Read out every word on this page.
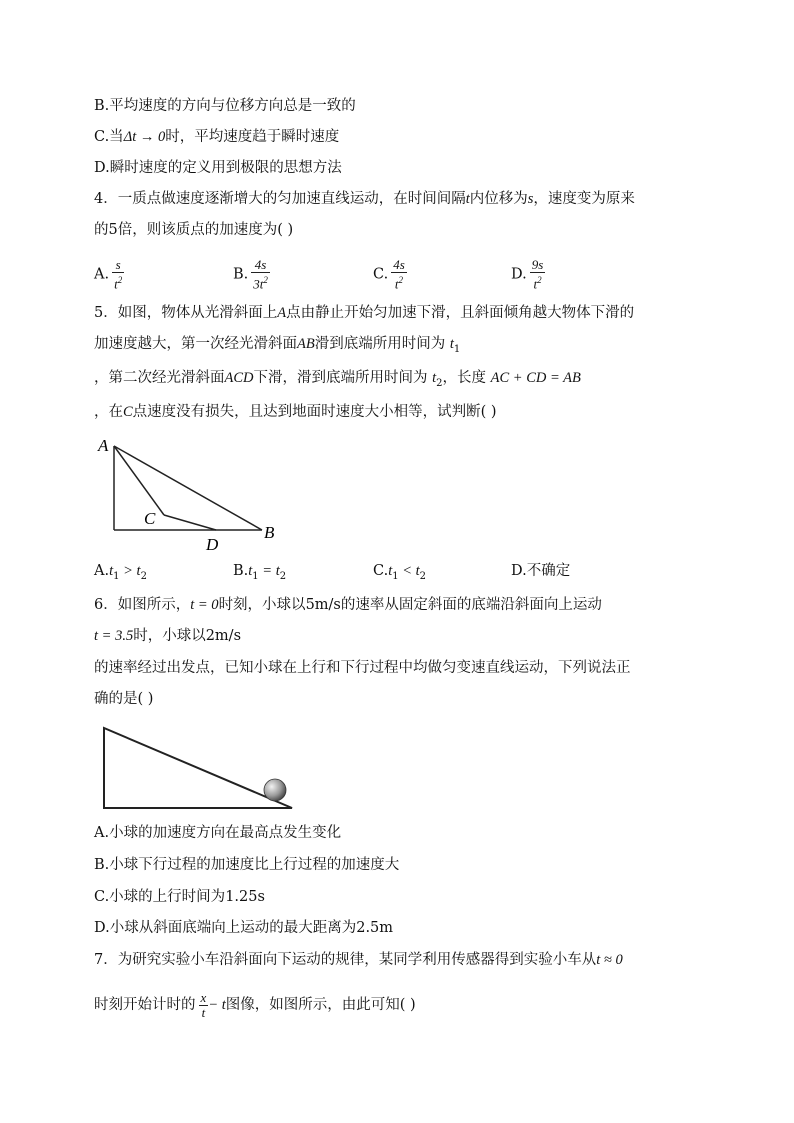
B.平均速度的方向与位移方向总是一致的
C.当Δt → 0时，平均速度趋于瞬时速度
D.瞬时速度的定义用到极限的思想方法
4．一质点做速度逐渐增大的匀加速直线运动，在时间间隔t内位移为s，速度变为原来
的5倍，则该质点的加速度为( )
A. $\frac{s}{t^2}$	B. $\frac{4s}{3t^2}$	C. $\frac{4s}{t^2}$	D. $\frac{9s}{t^2}$
5．如图，物体从光滑斜面上A点由静止开始匀加速下滑，且斜面倾角越大物体下滑的
加速度越大，第一次经光滑斜面AB滑到底端所用时间为 $t_1$
，第二次经光滑斜面ACD下滑，滑到底端所用时间为 $t_2$，长度 AC + CD = AB
，在C点速度没有损失，且达到地面时速度大小相等，试判断( )
A
B
C
D
$A.t_1 > t_2$	$B.t_1 = t_2$	$C.t_1 < t_2$	D.不确定
6．如图所示，t = 0时刻，小球以5m/s的速率从固定斜面的底端沿斜面向上运动
t = 3.5时，小球以2m/s
的速率经过出发点，已知小球在上行和下行过程中均做匀变速直线运动，下列说法正
确的是( )
A.小球的加速度方向在最高点发生变化
B.小球下行过程的加速度比上行过程的加速度大
C.小球的上行时间为1.25s
D.小球从斜面底端向上运动的最大距离为2.5m
7．为研究实验小车沿斜面向下运动的规律，某同学利用传感器得到实验小车从t ≈ 0
时刻开始计时的 $\frac{x}{t} - t$图像，如图所示，由此可知( )
